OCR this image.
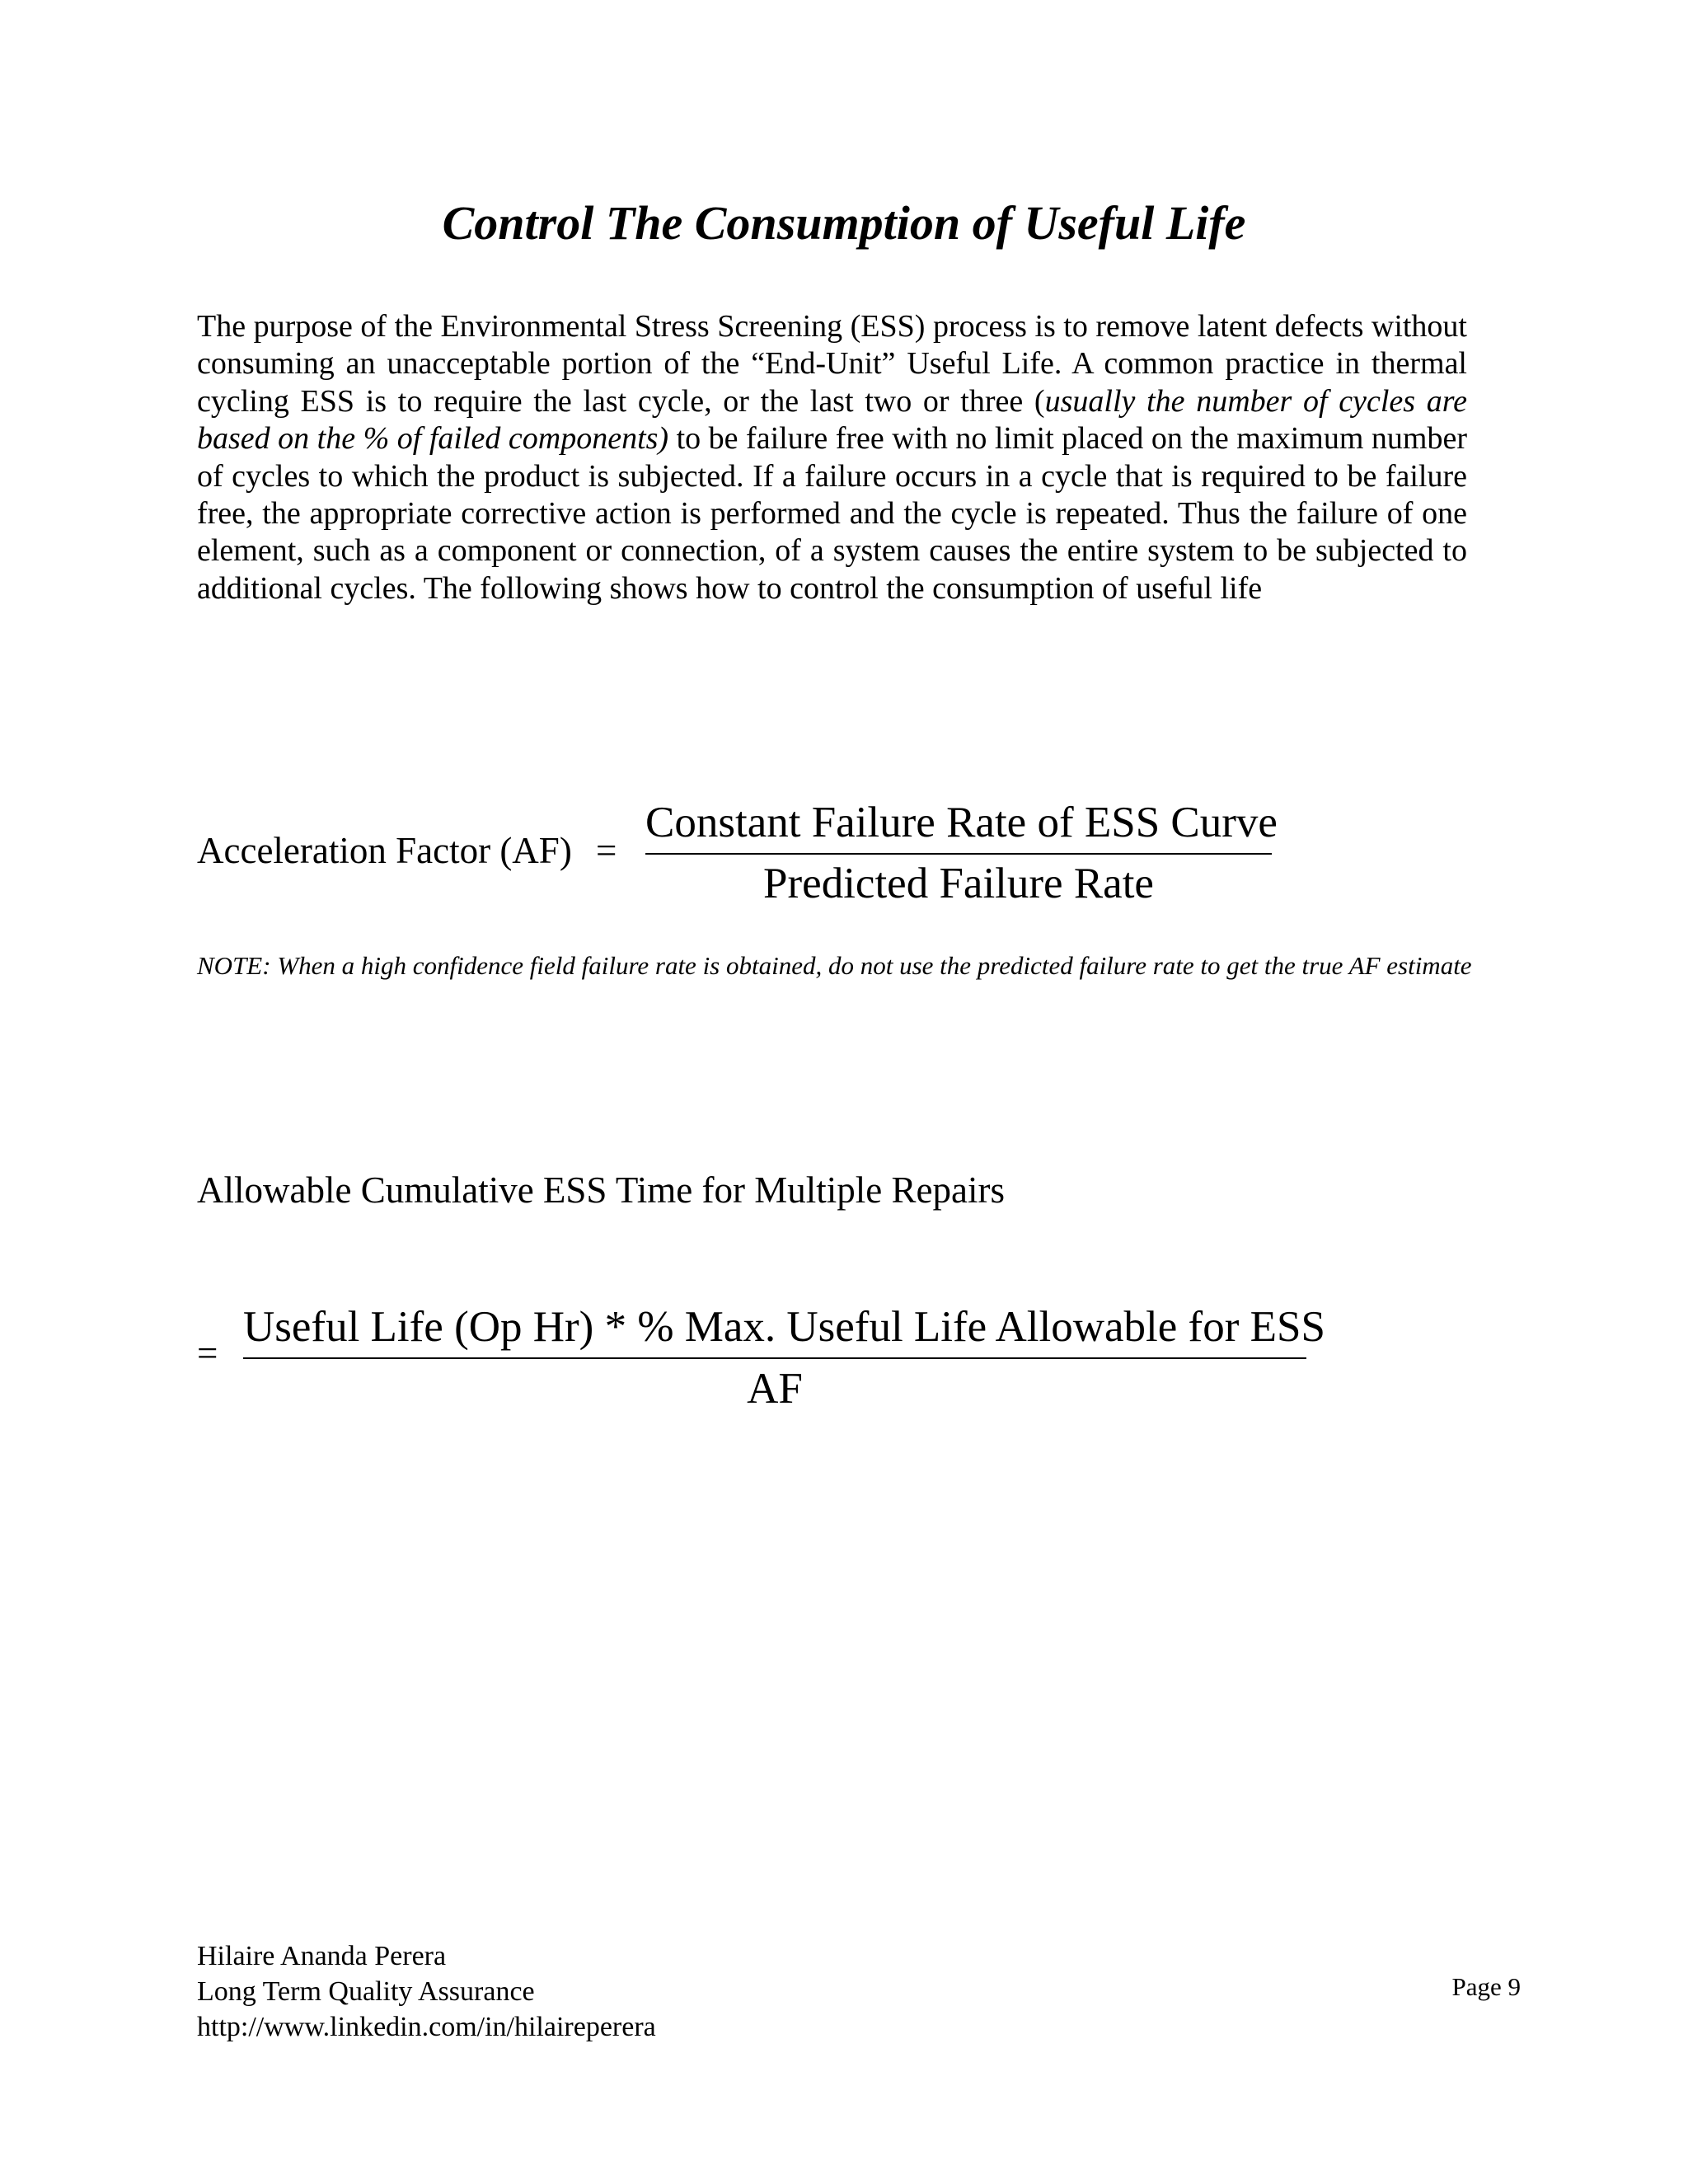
Control The Consumption of Useful Life

The purpose of the Environmental Stress Screening (ESS) process is to remove latent defects without consuming an unacceptable portion of the “End-Unit” Useful Life. A common practice in thermal cycling ESS is to require the last cycle, or the last two or three (usually the number of cycles are based on the % of failed components) to be failure free with no limit placed on the maximum number of cycles to which the product is subjected. If a failure occurs in a cycle that is required to be failure free, the appropriate corrective action is performed and the cycle is repeated. Thus the failure of one element, such as a component or connection, of a system causes the entire system to be subjected to additional cycles. The following shows how to control the consumption of useful life

Acceleration Factor (AF) =
Constant Failure Rate of ESS Curve
Predicted Failure Rate
NOTE: When a high confidence field failure rate is obtained, do not use the predicted failure rate to get the true AF estimate
Allowable Cumulative ESS Time for Multiple Repairs
=
Useful Life (Op Hr) * % Max. Useful Life Allowable for ESS
AF
Hilaire Ananda Perera
Long Term Quality Assurance
http://www.linkedin.com/in/hilaireperera
Page 9
